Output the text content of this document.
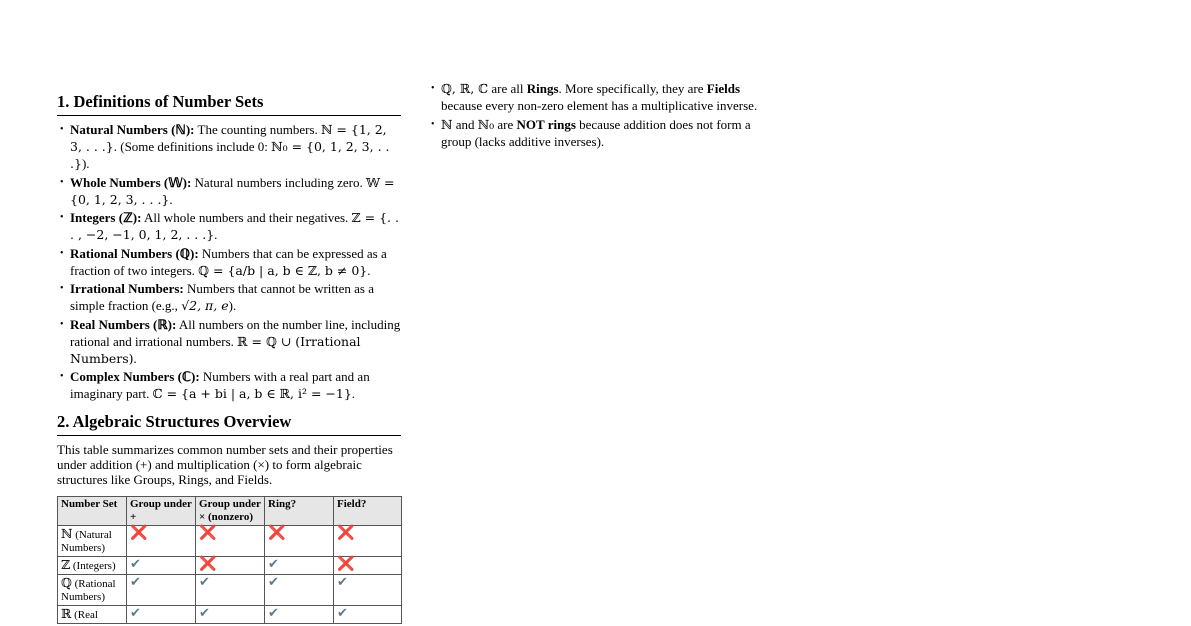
1. Definitions of Number Sets
• Natural Numbers (ℕ): The counting numbers. ℕ = {1, 2, 3, . . .}. (Some definitions include 0: ℕ₀ = {0, 1, 2, 3, . . .}).
• Whole Numbers (𝕎): Natural numbers including zero. 𝕎 = {0, 1, 2, 3, . . .}.
• Integers (ℤ): All whole numbers and their negatives. ℤ = {. . . , −2, −1, 0, 1, 2, . . .}.
• Rational Numbers (ℚ): Numbers that can be expressed as a fraction of two integers. ℚ = {a/b | a, b ∈ ℤ, b ≠ 0}.
• Irrational Numbers: Numbers that cannot be written as a simple fraction (e.g., √2, π, e).
• Real Numbers (ℝ): All numbers on the number line, including rational and irrational numbers. ℝ = ℚ ∪ (Irrational Numbers).
• Complex Numbers (ℂ): Numbers with a real part and an imaginary part. ℂ = {a + bi | a, b ∈ ℝ, i² = −1}.
2. Algebraic Structures Overview

This table summarizes common number sets and their properties under addition (+) and multiplication (×) to form algebraic structures like Groups, Rings, and Fields.

Number Set	Group under +	Group under × (nonzero)	Ring?	Field?
ℕ (Natural Numbers)	❌	❌	❌	❌
ℤ (Integers)	✔	❌	✔	❌
ℚ (Rational Numbers)	✔	✔	✔	✔
ℝ (Real	✔	✔	✔	✔
• ℚ, ℝ, ℂ are all Rings. More specifically, they are Fields because every non-zero element has a multiplicative inverse.
• ℕ and ℕ₀ are NOT rings because addition does not form a group (lacks additive inverses).
